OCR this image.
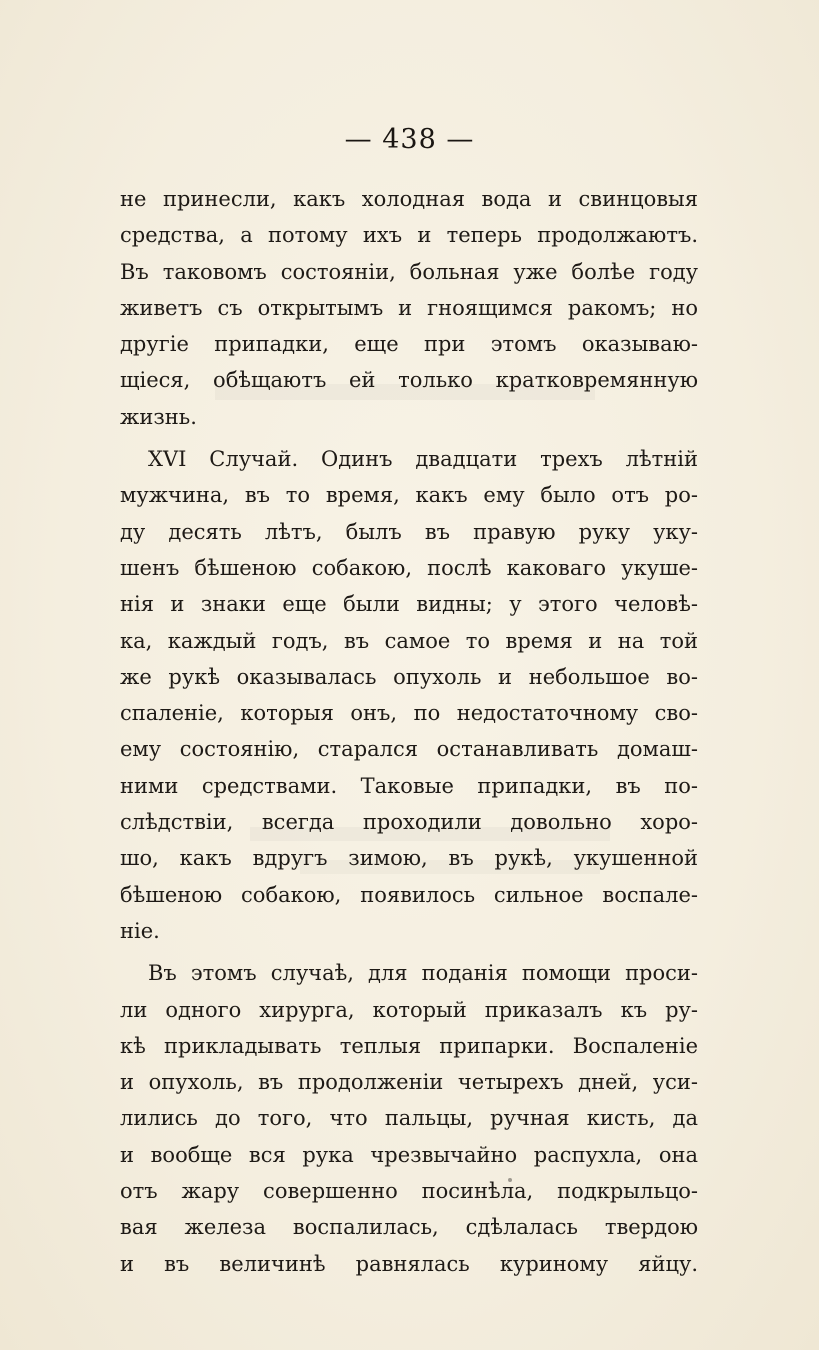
— 438 —
не принесли, какъ холодная вода и свинцовыя
средства, а потому ихъ и теперь продолжаютъ.
Въ таковомъ состояніи, больная уже болѣе году
живетъ съ открытымъ и гноящимся ракомъ; но
другіе припадки, еще при этомъ оказываю-
щіеся, обѣщаютъ ей только кратковремянную
жизнь.
XVI Случай. Одинъ двадцати трехъ лѣтній
мужчина, въ то время, какъ ему было отъ ро-
ду десять лѣтъ, былъ въ правую руку уку-
шенъ бѣшеною собакою, послѣ каковаго укуше-
нія и знаки еще были видны; у этого человѣ-
ка, каждый годъ, въ самое то время и на той
же рукѣ оказывалась опухоль и небольшое во-
спаленіе, которыя онъ, по недостаточному сво-
ему состоянію, старался останавливать домаш-
ними средствами. Таковые припадки, въ по-
слѣдствіи, всегда проходили довольно хоро-
шо, какъ вдругъ зимою, въ рукѣ, укушенной
бѣшеною собакою, появилось сильное воспале-
ніе.
Въ этомъ случаѣ, для поданія помощи проси-
ли одного хирурга, который приказалъ къ ру-
кѣ прикладывать теплыя припарки. Воспаленіе
и опухоль, въ продолженіи четырехъ дней, уси-
лились до того, что пальцы, ручная кисть, да
и вообще вся рука чрезвычайно распухла, она
отъ жару совершенно посинѣла, подкрыльцо-
вая железа воспалилась, сдѣлалась твердою
и въ величинѣ равнялась куриному яйцу.
